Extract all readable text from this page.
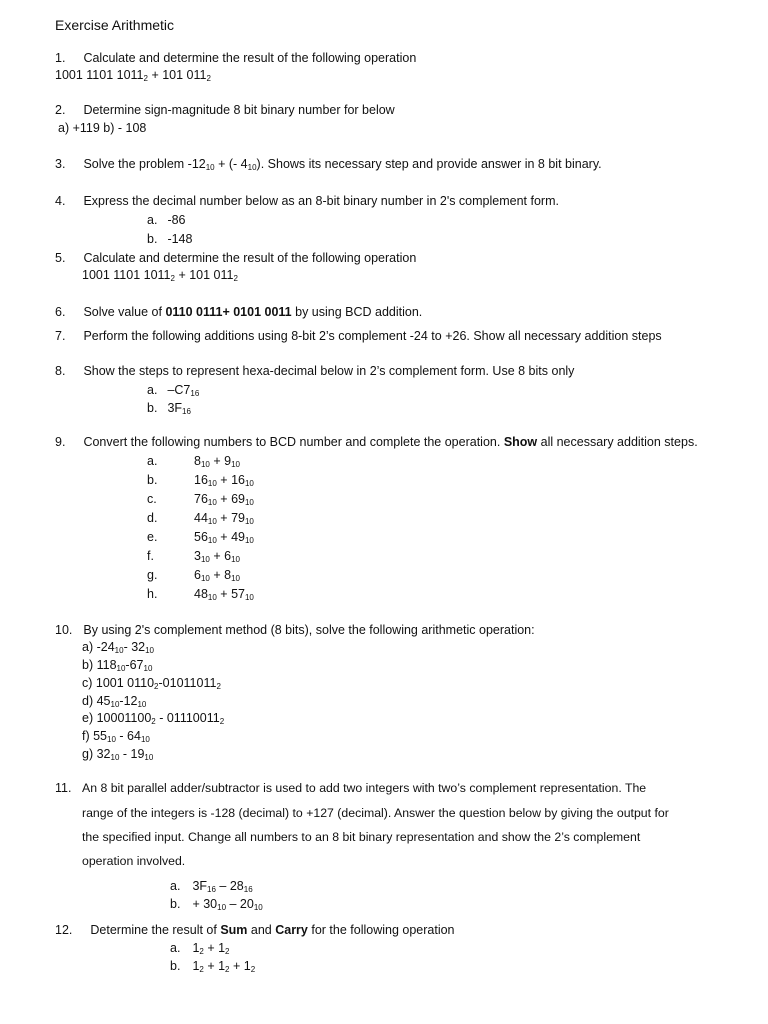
Exercise Arithmetic
1. Calculate and determine the result of the following operation
1001 1101 $1011_2 + 101$ $011_2$
2. Determine sign-magnitude 8 bit binary number for below
a) +119 b) - 108
3. Solve the problem $-12_{10}$ + (- $4_{10}$). Shows its necessary step and provide answer in 8 bit binary.
4. Express the decimal number below as an 8-bit binary number in 2's complement form.
a. -86
b. -148
5. Calculate and determine the result of the following operation
1001 1101 $1011_2 + 101$ $011_2$
6. Solve value of 0110 0111+ 0101 0011 by using BCD addition.
7. Perform the following additions using 8-bit 2’s complement -24 to +26. Show all necessary addition steps
8. Show the steps to represent hexa-decimal below in 2’s complement form. Use 8 bits only
a. $-C7_{16}$
b. $3F_{16}$
9. Convert the following numbers to BCD number and complete the operation. Show all necessary addition steps.
a.	$8_{10} + 9_{10}$
b.	$16_{10} + 16_{10}$
c.	$76_{10} + 69_{10}$
d.	$44_{10} + 79_{10}$
e.	$56_{10} + 49_{10}$
f.	$3_{10} + 6_{10}$
g.	$6_{10} + 8_{10}$
h.	$48_{10} + 57_{10}$
10. By using 2's complement method (8 bits), solve the following arithmetic operation:
a) $-24_{10}-$ $32_{10}$
b) $118_{10}-67_{10}$
c) 1001 $0110_2-01011011_2$
d) $45_{10}-12_{10}$
e) $10001100_2 - 01110011_2$
f) $55_{10} - 64_{10}$
g) $32_{10} - 19_{10}$
11. An 8 bit parallel adder/subtractor is used to add two integers with two’s complement representation. The
range of the integers is -128 (decimal) to +127 (decimal). Answer the question below by giving the output for
the specified input. Change all numbers to an 8 bit binary representation and show the 2’s complement
operation involved.
a. $3F_{16} - 28_{16}$
b. + $30_{10} - 20_{10}$
12. Determine the result of Sum and Carry for the following operation
a. $1_2 + 1_2$
b. $1_2 + 1_2 + 1_2$
